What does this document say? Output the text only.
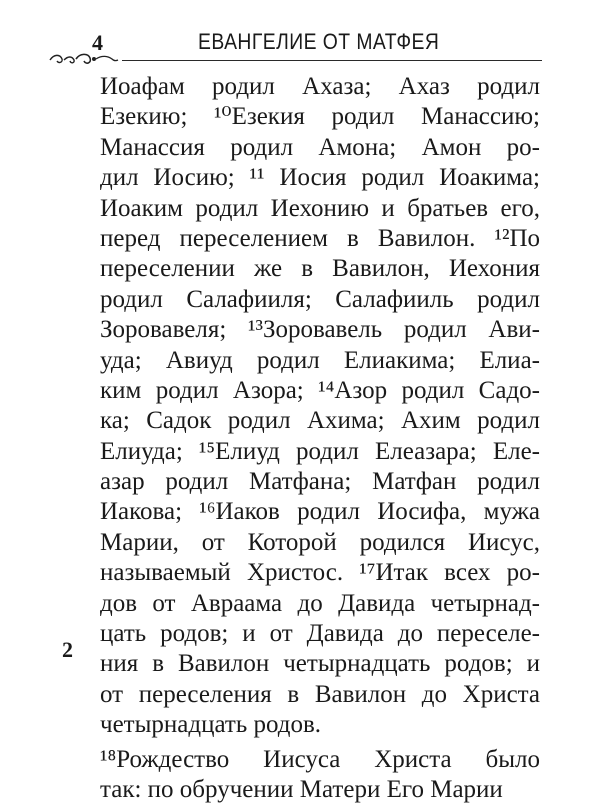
4	ЕВАНГЕЛИЕ ОТ МАТФЕЯ
Иоафам родил Ахаза; Ахаз родил
Езекию; ¹⁰Езекия родил Манассию;
Манассия родил Амона; Амон ро-
дил Иосию; ¹¹ Иосия родил Иоакима;
Иоаким родил Иехонию и братьев его,
перед переселением в Вавилон. ¹²По
переселении же в Вавилон, Иехония
родил Салафииля; Салафииль родил
Зоровавеля; ¹³Зоровавель родил Ави-
уда; Авиуд родил Елиакима; Елиа-
ким родил Азора; ¹⁴Азор родил Садо-
ка; Садок родил Ахима; Ахим родил
Елиуда; ¹⁵Елиуд родил Елеазара; Еле-
азар родил Матфана; Матфан родил
Иакова; ¹⁶Иаков родил Иосифа, мужа
Марии, от Которой родился Иисус,
называемый Христос. ¹⁷Итак всех ро-
дов от Авраама до Давида четырнад-
цать родов; и от Давида до переселе-
ния в Вавилон четырнадцать родов; и
от переселения в Вавилон до Христа
четырнадцать родов.
¹⁸Рождество Иисуса Христа было
так: по обручении Матери Его Марии
2
